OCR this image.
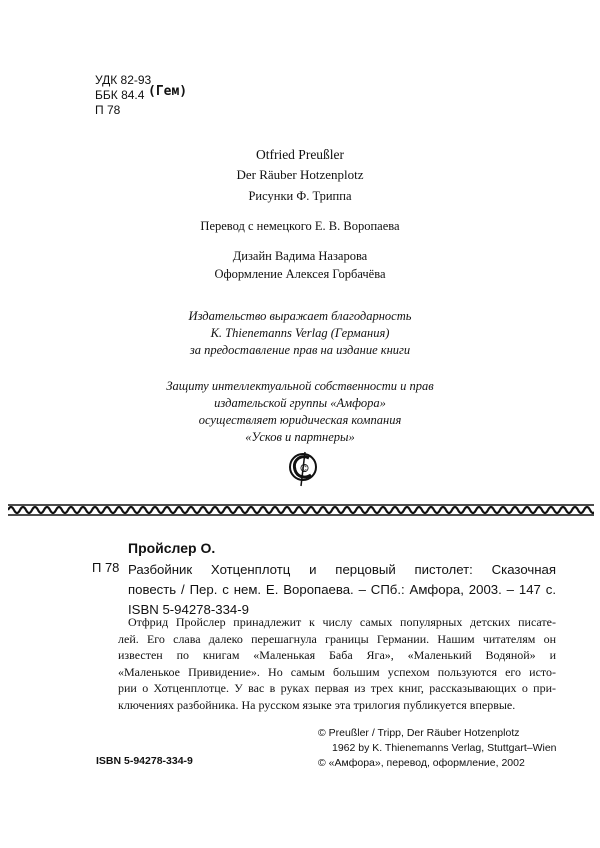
УДК 82-93
ББК 84.4 (Гем)
П 78
Otfried Preußler
Der Räuber Hotzenplotz
Рисунки Ф. Триппа
Перевод с немецкого Е. В. Воропаева
Дизайн Вадима Назарова
Оформление Алексея Горбачёва
Издательство выражает благодарность
K. Thienemanns Verlag (Германия)
за предоставление прав на издание книги
Защиту интеллектуальной собственности и прав
издательской группы «Амфора»
осуществляет юридическая компания
«Усков и партнеры»
©
Пройслер О.
П 78 Разбойник Хотценплотц и перцовый пистолет: Сказочная
повесть / Пер. с нем. Е. Воропаева. – СПб.: Амфора, 2003. – 147 с.
ISBN 5-94278-334-9
Отфрид Пройслер принадлежит к числу самых популярных детских писате-
лей. Его слава далеко перешагнула границы Германии. Нашим читателям он
известен по книгам «Маленькая Баба Яга», «Маленький Водяной» и
«Маленькое Привидение». Но самым большим успехом пользуются его исто-
рии о Хотценплотце. У вас в руках первая из трех книг, рассказывающих о при-
ключениях разбойника. На русском языке эта трилогия публикуется впервые.
© Preußler / Tripp, Der Räuber Hotzenplotz
1962 by K. Thienemanns Verlag, Stuttgart–Wien
© «Амфора», перевод, оформление, 2002
ISBN 5-94278-334-9
